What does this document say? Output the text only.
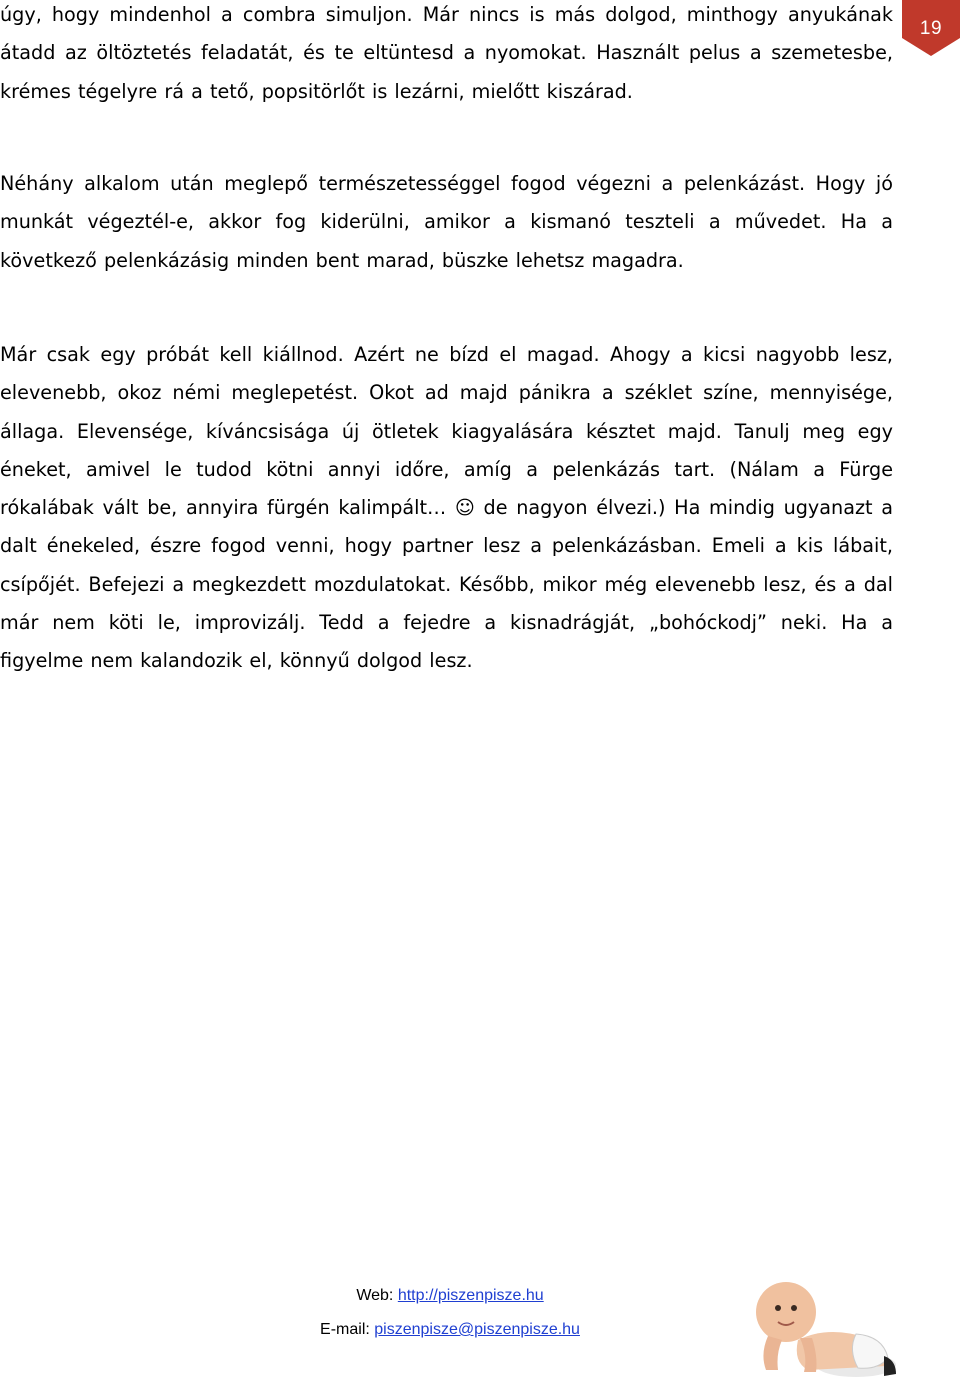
19

úgy, hogy mindenhol a combra simuljon. Már nincs is más dolgod, minthogy anyukának átadd az öltöztetés feladatát, és te eltüntesd a nyomokat. Használt pelus a szemetesbe, krémes tégelyre rá a tető, popsitörlőt is lezárni, mielőtt kiszárad.

Néhány alkalom után meglepő természetességgel fogod végezni a pelenkázást. Hogy jó munkát végeztél-e, akkor fog kiderülni, amikor a kismanó teszteli a művedet. Ha a következő pelenkázásig minden bent marad, büszke lehetsz magadra.

Már csak egy próbát kell kiállnod. Azért ne bízd el magad. Ahogy a kicsi nagyobb lesz, elevenebb, okoz némi meglepetést. Okot ad majd pánikra a széklet színe, mennyisége, állaga. Elevensége, kíváncsisága új ötletek kiagyalására késztet majd. Tanulj meg egy éneket, amivel le tudod kötni annyi időre, amíg a pelenkázás tart. (Nálam a Fürge rókalábak vált be, annyira fürgén kalimpált… ☺ de nagyon élvezi.) Ha mindig ugyanazt a dalt énekeled, észre fogod venni, hogy partner lesz a pelenkázásban. Emeli a kis lábait, csípőjét. Befejezi a megkezdett mozdulatokat. Később, mikor még elevenebb lesz, és a dal már nem köti le, improvizálj. Tedd a fejedre a kisnadrágját, „bohóckodj” neki. Ha a figyelme nem kalandozik el, könnyű dolgod lesz.

Web: http://piszenpisze.hu
E-mail: piszenpisze@piszenpisze.hu
